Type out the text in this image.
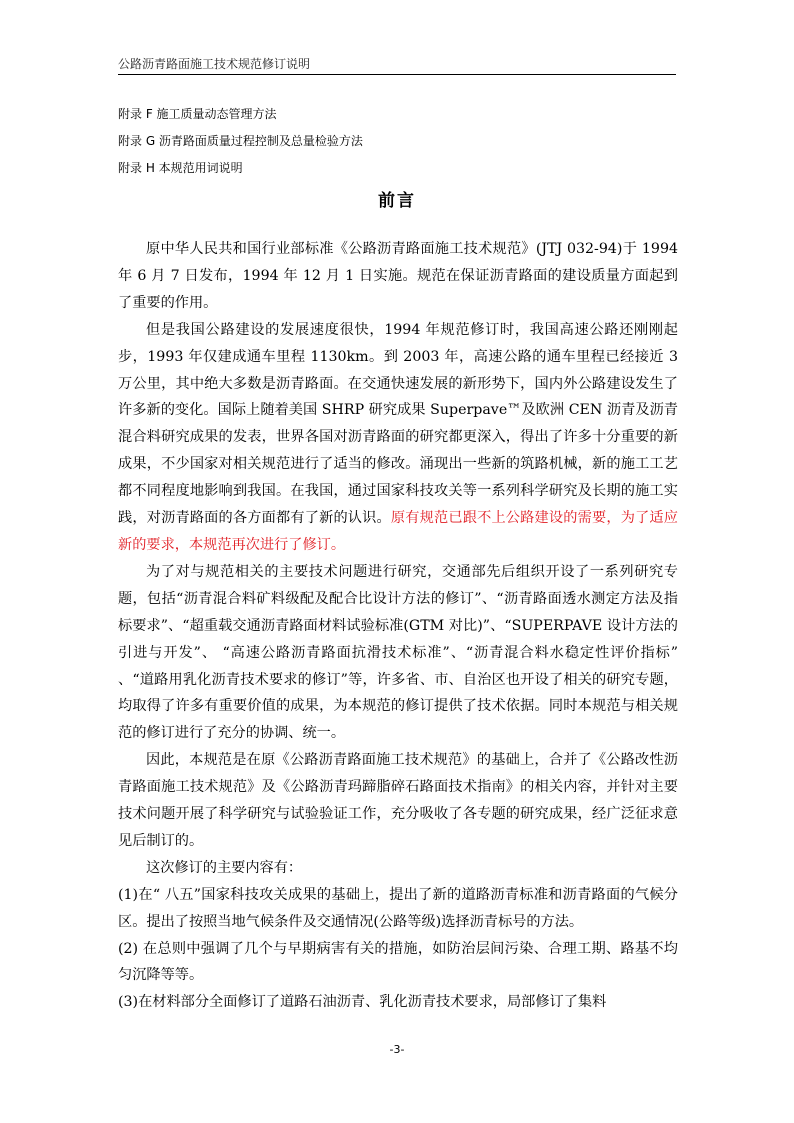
公路沥青路面施工技术规范修订说明
附录 F 施工质量动态管理方法
附录 G 沥青路面质量过程控制及总量检验方法
附录 H 本规范用词说明
前言

原中华人民共和国行业部标准《公路沥青路面施工技术规范》(JTJ 032-94)于 1994 年 6 月 7 日发布，1994 年 12 月 1 日实施。规范在保证沥青路面的建设质量方面起到了重要的作用。

但是我国公路建设的发展速度很快，1994 年规范修订时，我国高速公路还刚刚起步，1993 年仅建成通车里程 1130km。到 2003 年，高速公路的通车里程已经接近 3 万公里，其中绝大多数是沥青路面。在交通快速发展的新形势下，国内外公路建设发生了许多新的变化。国际上随着美国 SHRP 研究成果 Superpave™及欧洲 CEN 沥青及沥青混合料研究成果的发表，世界各国对沥青路面的研究都更深入，得出了许多十分重要的新成果，不少国家对相关规范进行了适当的修改。涌现出一些新的筑路机械，新的施工工艺都不同程度地影响到我国。在我国，通过国家科技攻关等一系列科学研究及长期的施工实践，对沥青路面的各方面都有了新的认识。原有规范已跟不上公路建设的需要，为了适应新的要求，本规范再次进行了修订。

为了对与规范相关的主要技术问题进行研究，交通部先后组织开设了一系列研究专题，包括“沥青混合料矿料级配及配合比设计方法的修订”、“沥青路面透水测定方法及指标要求”、“超重载交通沥青路面材料试验标准(GTM 对比)”、“SUPERPAVE 设计方法的引进与开发”、 “高速公路沥青路面抗滑技术标准”、“沥青混合料水稳定性评价指标” 、“道路用乳化沥青技术要求的修订”等，许多省、市、自治区也开设了相关的研究专题，均取得了许多有重要价值的成果，为本规范的修订提供了技术依据。同时本规范与相关规范的修订进行了充分的协调、统一。

因此，本规范是在原《公路沥青路面施工技术规范》的基础上，合并了《公路改性沥青路面施工技术规范》及《公路沥青玛蹄脂碎石路面技术指南》的相关内容，并针对主要技术问题开展了科学研究与试验验证工作，充分吸收了各专题的研究成果，经广泛征求意见后制订的。

这次修订的主要内容有：

(1)在“ 八五”国家科技攻关成果的基础上，提出了新的道路沥青标准和沥青路面的气候分区。提出了按照当地气候条件及交通情况(公路等级)选择沥青标号的方法。

(2) 在总则中强调了几个与早期病害有关的措施，如防治层间污染、合理工期、路基不均匀沉降等等。

(3)在材料部分全面修订了道路石油沥青、乳化沥青技术要求，局部修订了集料

-3-
